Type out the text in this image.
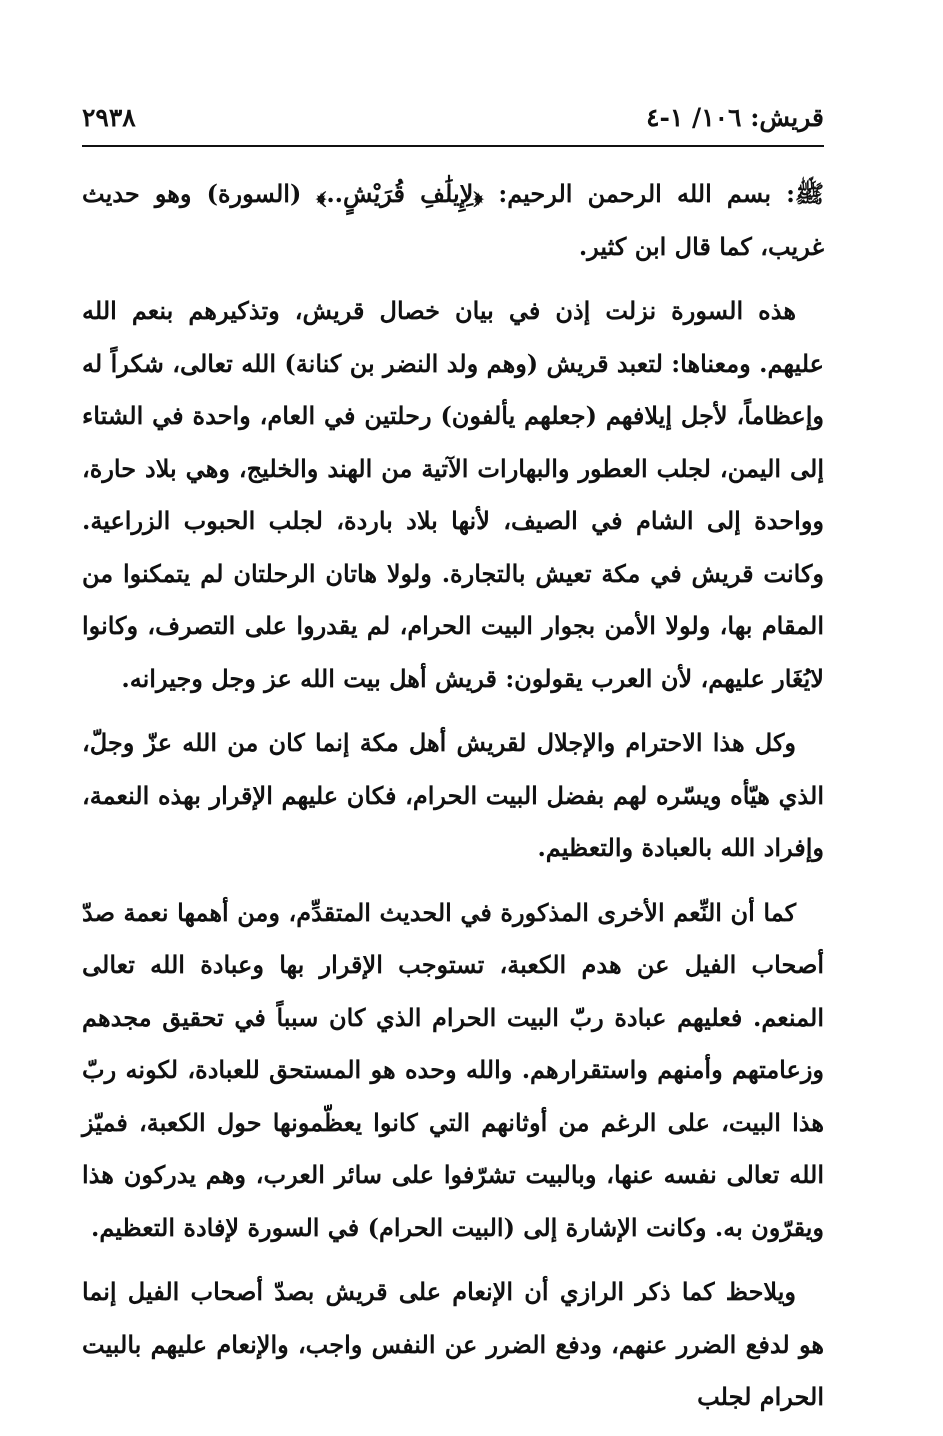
قريش: ١٠٦/ ١-٤
٢٩٣٨

ﷺ: بسم الله الرحمن الرحيم: ﴿لِإِيلَٰفِ قُرَيْشٍ..﴾ (السورة) وهو حديث غريب، كما قال ابن كثير.

هذه السورة نزلت إذن في بيان خصال قريش، وتذكيرهم بنعم الله عليهم. ومعناها: لتعبد قريش (وهم ولد النضر بن كنانة) الله تعالى، شكراً له وإعظاماً، لأجل إيلافهم (جعلهم يألفون) رحلتين في العام، واحدة في الشتاء إلى اليمن، لجلب العطور والبهارات الآتية من الهند والخليج، وهي بلاد حارة، وواحدة إلى الشام في الصيف، لأنها بلاد باردة، لجلب الحبوب الزراعية. وكانت قريش في مكة تعيش بالتجارة. ولولا هاتان الرحلتان لم يتمكنوا من المقام بها، ولولا الأمن بجوار البيت الحرام، لم يقدروا على التصرف، وكانوا لايُغَار عليهم، لأن العرب يقولون: قريش أهل بيت الله عز وجل وجيرانه.

وكل هذا الاحترام والإجلال لقريش أهل مكة إنما كان من الله عزّ وجلّ، الذي هيّأه ويسّره لهم بفضل البيت الحرام، فكان عليهم الإقرار بهذه النعمة، وإفراد الله بالعبادة والتعظيم.

كما أن النِّعم الأخرى المذكورة في الحديث المتقدِّم، ومن أهمها نعمة صدّ أصحاب الفيل عن هدم الكعبة، تستوجب الإقرار بها وعبادة الله تعالى المنعم. فعليهم عبادة ربّ البيت الحرام الذي كان سبباً في تحقيق مجدهم وزعامتهم وأمنهم واستقرارهم. والله وحده هو المستحق للعبادة، لكونه ربّ هذا البيت، على الرغم من أوثانهم التي كانوا يعظّمونها حول الكعبة، فميّز الله تعالى نفسه عنها، وبالبيت تشرّفوا على سائر العرب، وهم يدركون هذا ويقرّون به. وكانت الإشارة إلى (البيت الحرام) في السورة لإفادة التعظيم.

ويلاحظ كما ذكر الرازي أن الإنعام على قريش بصدّ أصحاب الفيل إنما هو لدفع الضرر عنهم، ودفع الضرر عن النفس واجب، والإنعام عليهم بالبيت الحرام لجلب
